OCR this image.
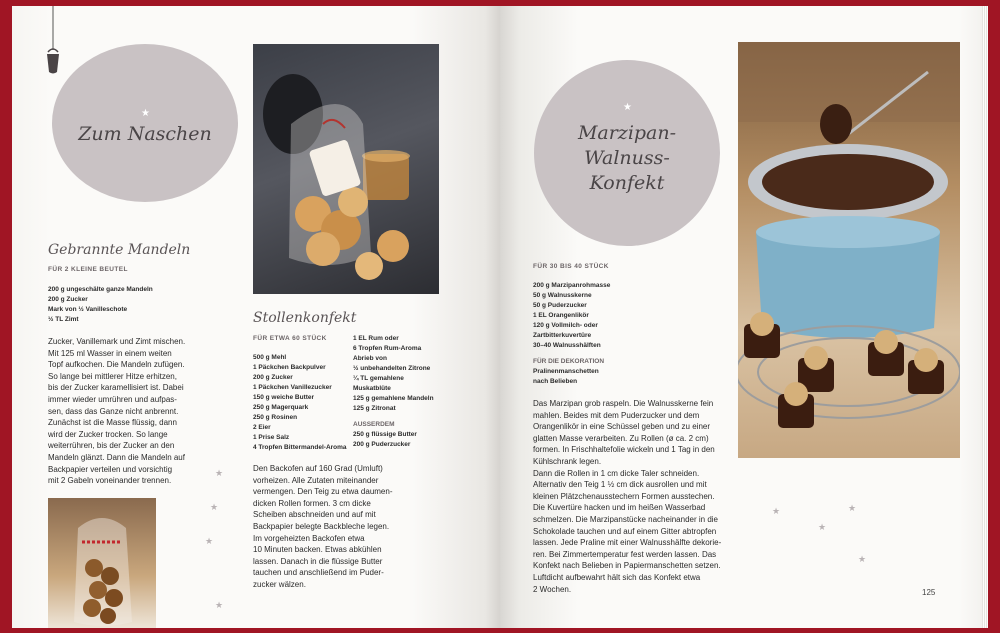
★
Zum Naschen
Gebrannte Mandeln
FÜR 2 KLEINE BEUTEL
200 g ungeschälte ganze Mandeln
200 g Zucker
Mark von ½ Vanilleschote
½ TL Zimt
Zucker, Vanillemark und Zimt mischen.
Mit 125 ml Wasser in einem weiten
Topf aufkochen. Die Mandeln zufügen.
So lange bei mittlerer Hitze erhitzen,
bis der Zucker karamellisiert ist. Dabei
immer wieder umrühren und aufpas-
sen, dass das Ganze nicht anbrennt.
Zunächst ist die Masse flüssig, dann
wird der Zucker trocken. So lange
weiterrühren, bis der Zucker an den
Mandeln glänzt. Dann die Mandeln auf
Backpapier verteilen und vorsichtig
mit 2 Gabeln voneinander trennen.
Stollenkonfekt
FÜR ETWA 60 STÜCK
500 g Mehl
1 Päckchen Backpulver
200 g Zucker
1 Päckchen Vanillezucker
150 g weiche Butter
250 g Magerquark
250 g Rosinen
2 Eier
1 Prise Salz
4 Tropfen Bittermandel-Aroma
1 EL Rum oder
6 Tropfen Rum-Aroma
Abrieb von
½ unbehandelten Zitrone
¼ TL gemahlene
Muskatblüte
125 g gemahlene Mandeln
125 g Zitronat
AUSSERDEM
250 g flüssige Butter
200 g Puderzucker
Den Backofen auf 160 Grad (Umluft)
vorheizen. Alle Zutaten miteinander
vermengen. Den Teig zu etwa daumen-
dicken Rollen formen. 3 cm dicke
Scheiben abschneiden und auf mit
Backpapier belegte Backbleche legen.
Im vorgeheizten Backofen etwa
10 Minuten backen. Etwas abkühlen
lassen. Danach in die flüssige Butter
tauchen und anschließend im Puder-
zucker wälzen.
★
★
★
★
★
Marzipan-
Walnuss-
Konfekt
FÜR 30 BIS 40 STÜCK
200 g Marzipanrohmasse
50 g Walnusskerne
50 g Puderzucker
1 EL Orangenlikör
120 g Vollmilch- oder
Zartbitterkuvertüre
30–40 Walnusshälften
FÜR DIE DEKORATION
Pralinenmanschetten
nach Belieben
Das Marzipan grob raspeln. Die Walnusskerne fein
mahlen. Beides mit dem Puderzucker und dem
Orangenlikör in eine Schüssel geben und zu einer
glatten Masse verarbeiten. Zu Rollen (ø ca. 2 cm)
formen. In Frischhaltefolie wickeln und 1 Tag in den
Kühlschrank legen.
Dann die Rollen in 1 cm dicke Taler schneiden.
Alternativ den Teig 1 ½ cm dick ausrollen und mit
kleinen Plätzchenausstechern Formen ausstechen.
Die Kuvertüre hacken und im heißen Wasserbad
schmelzen. Die Marzipanstücke nacheinander in die
Schokolade tauchen und auf einem Gitter abtropfen
lassen. Jede Praline mit einer Walnusshälfte dekorie-
ren. Bei Zimmertemperatur fest werden lassen. Das
Konfekt nach Belieben in Papiermanschetten setzen.
Luftdicht aufbewahrt hält sich das Konfekt etwa
2 Wochen.
★
★
★
★
125
